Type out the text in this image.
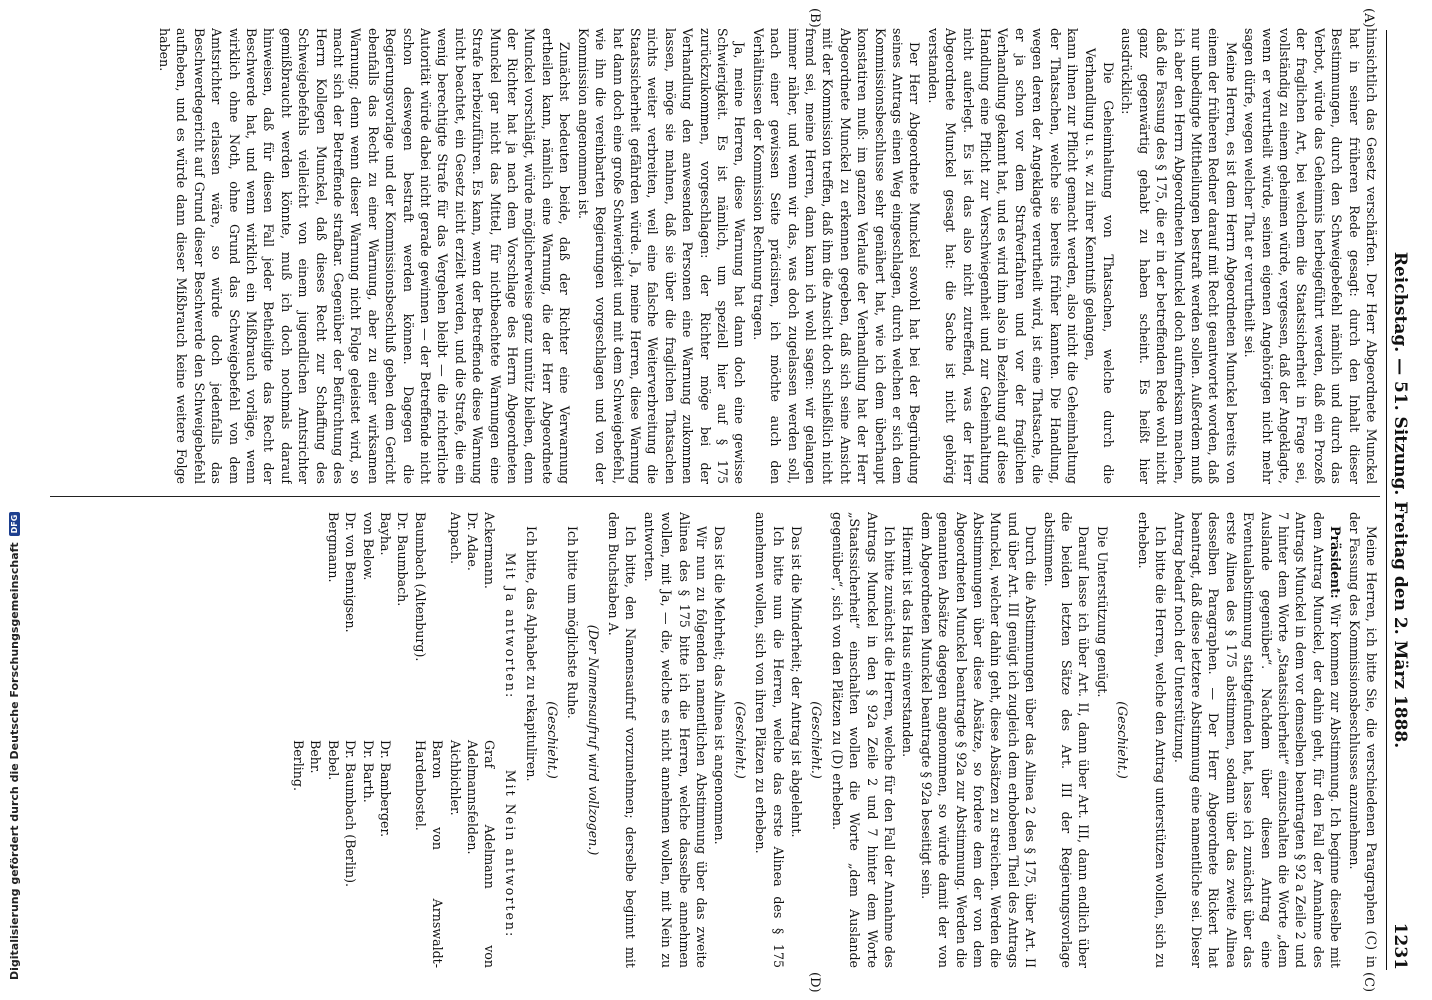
Reichstag. — 51. Sitzung. Freitag den 2. März 1888.
1231
(A)
(B)
(C)
(D)

hinsichtlich das Gesetz verschärfen. Der Herr Abgeordnete Munckel hat in seiner früheren Rede gesagt: durch den Inhalt dieser Bestimmungen, durch den Schweigebefehl nämlich und durch das Verbot, würde das Geheimnis herbeigeführt werden, daß ein Prozeß der fraglichen Art, bei welchem die Staatssicherheit in Frage sei, vollständig zu einem geheimen würde, vergessen, daß der Angeklagte, wenn er verurtheilt würde, seinen eigenen Angehörigen nicht mehr sagen dürfe, wegen welcher That er verurtheilt sei.

Meine Herren, es ist dem Herrn Abgeordneten Munckel bereits von einem der früheren Redner darauf mit Recht geantwortet worden, daß nur unbedingte Mittheilungen bestraft werden sollen. Außerdem muß ich aber den Herrn Abgeordneten Munckel doch aufmerksam machen, daß die Fassung des § 175, die er in der betreffenden Rede wohl nicht ganz gegenwärtig gehabt zu haben scheint. Es heißt hier ausdrücklich:

Die Geheimhaltung von Thatsachen, welche durch die Verhandlung u. s. w. zu ihrer Kenntniß gelangen,

kann ihnen zur Pflicht gemacht werden, also nicht die Geheimhaltung der Thatsachen, welche sie bereits früher kannten. Die Handlung, wegen deren der Angeklagte verurtheilt wird, ist eine Thatsache, die er ja schon vor dem Strafverfahren und vor der fraglichen Verhandlung gekannt hat, und es wird ihm also in Beziehung auf diese Handlung eine Pflicht zur Verschwiegenheit und zur Geheimhaltung nicht auferlegt. Es ist das also nicht zutreffend, was der Herr Abgeordnete Munckel gesagt hat: die Sache ist nicht gehörig verstanden.

Der Herr Abgeordnete Munckel sowohl hat bei der Begründung seines Antrags einen Weg eingeschlagen, durch welchen er sich dem Kommissionsbeschlusse sehr genähert hat, wie ich dem überhaupt konstatiren muß: im ganzen Verlaufe der Verhandlung hat der Herr Abgeordnete Munckel zu erkennen gegeben, daß sich seine Ansicht mit der Kommission treffen, daß ihm die Ansicht doch schließlich nicht fremd sei, meine Herren, dann kann ich wohl sagen: wir gelangen immer näher, und wenn wir das, was doch zugelassen werden soll, nach einer gewissen Seite präcisiren, ich möchte auch den Verhältnissen der Kommission Rechnung tragen.

Ja, meine Herren, diese Warnung hat dann doch eine gewisse Schwierigkeit. Es ist nämlich, um speziell hier auf § 175 zurückzukommen, vorgeschlagen: der Richter möge bei der Verhandlung den anwesenden Personen eine Warnung zukommen lassen, möge sie mahnen, daß sie über die fraglichen Thatsachen nichts weiter verbreiten, weil eine falsche Weiterverbreitung die Staatssicherheit gefährden würde. Ja, meine Herren, diese Warnung hat dann doch eine große Schwierigkeit und mit dem Schweigebefehl, wie ihn die vereinbarten Regierungen vorgeschlagen und von der Kommission angenommen ist.

Zunächst bedeuten beide, daß der Richter eine Verwarnung ertheilen kann, nämlich eine Warnung, die der Herr Abgeordnete Munckel vorschlägt, würde möglicherweise ganz unnütz bleiben, denn der Richter hat ja nach dem Vorschlage des Herrn Abgeordneten Munckel gar nicht das Mittel, für nichtbeachtete Warnungen eine Strafe herbeizuführen. Es kann, wenn der Betreffende diese Warnung nicht beachtet, ein Gesetz nicht erzielt werden, und die Strafe, die ein wenig berechtigte Strafe für das Vergehen bleibt — die richterliche Autorität würde dabei nicht gerade gewinnen — der Betreffende nicht schon deswegen bestraft werden können. Dagegen die Regierungsvorlage und der Kommissionsbeschluß geben dem Gericht ebenfalls das Recht zu einer Warnung, aber zu einer wirksamen Warnung; denn wenn dieser Warnung nicht Folge geleistet wird, so macht sich der Betreffende strafbar. Gegenüber der Befürchtung des Herrn Kollegen Munckel, daß dieses Recht zur Schaffung des Schweigebefehls vielleicht von einem jugendlichen Amtsrichter gemißbraucht werden könnte, muß ich doch nochmals darauf hinweisen, daß für diesen Fall jeder Betheiligte das Recht der Beschwerde hat, und wenn wirklich ein Mißbrauch vorläge, wenn wirklich ohne Noth, ohne Grund das Schweigebefehl von dem Amtsrichter erlassen wäre, so würde doch jedenfalls das Beschwerdegericht auf Grund dieser Beschwerde den Schweigebefehl aufheben, und es würde dann dieser Mißbrauch keine weitere Folge haben.

Meine Herren, ich bitte Sie, die verschiedenen Paragraphen (C) in der Fassung des Kommissionsbeschlusses anzunehmen.

Präsident: Wir kommen zur Abstimmung. Ich beginne dieselbe mit dem Antrag Munckel, der dahin geht, für den Fall der Annahme des Antrags Munckel in dem vor demselben beantragten § 92 a Zeile 2 und 7 hinter dem Worte „Staatssicherheit“ einzuschalten die Worte „dem Auslande gegenüber“. Nachdem über diesen Antrag eine Eventualabstimmung stattgefunden hat, lasse ich zunächst über das erste Alinea des § 175 abstimmen, sodann über das zweite Alinea desselben Paragraphen. — Der Herr Abgeordnete Rickert hat beantragt, daß diese letztere Abstimmung eine namentliche sei. Dieser Antrag bedarf noch der Unterstützung.

Ich bitte die Herren, welche den Antrag unterstützen wollen, sich zu erheben.

(Geschieht.)

Die Unterstützung genügt.

Darauf lasse ich über Art. II, dann über Art. III, dann endlich über die beiden letzten Sätze des Art. III der Regierungsvorlage abstimmen.

Durch die Abstimmungen über das Alinea 2 des § 175, über Art. II und über Art. III genügt ich zugleich dem erhobenen Theil des Antrags Munckel, welcher dahin geht, diese Absätzen zu streichen. Werden die Abstimmungen über diese Absätze, so fordere dem der von dem Abgeordneten Munckel beantragte § 92a zur Abstimmung. Werden die genannten Absätze dagegen angenommen, so würde damit der von dem Abgeordneten Munckel beantragte § 92a beseitigt sein.

Hiermit ist das Haus einverstanden.

Ich bitte zunächst die Herren, welche für den Fall der Annahme des Antrags Munckel in den § 92a Zeile 2 und 7 hinter dem Worte „Staatssicherheit“ einschalten wollen die Worte „dem Auslande gegenüber“, sich von den Plätzen zu (D) erheben.

(Geschieht.)

Das ist die Minderheit; der Antrag ist abgelehnt.

Ich bitte nun die Herren, welche das erste Alinea des § 175 annehmen wollen, sich von ihren Plätzen zu erheben.

(Geschieht.)

Das ist die Mehrheit; das Alinea ist angenommen.

Wir nun zu folgenden namentlichen Abstimmung über das zweite Alinea des § 175 bitte ich die Herren, welche dasselbe annehmen wollen, mit Ja, — die, welche es nicht annehmen wollen, mit Nein zu antworten.

Ich bitte, den Namensaufruf vorzunehmen; derselbe beginnt mit dem Buchstaben A.

(Der Namensaufruf wird vollzogen.)

Ich bitte um möglichste Ruhe.

(Geschieht.)

Ich bitte, das Alphabet zu rekapituliren.

Mit Ja antworten:
Ackermann.
Dr. Adae.
Anpach.

Baumbach (Altenburg).
Dr. Baumbach.
Bayha.
von Below.
Dr. von Bennigsen.
Bergmann.
Mit Nein antworten:
Graf Adelmann von Adelmannsfelden.
Aichbichler.
Baron von Arnswaldt-Hardenbostel.

Dr. Bamberger.
Dr. Barth.
Dr. Baumbach (Berlin).
Bebel.
Behr.
Berling.
Digitalisierung gefördert durch die Deutsche Forschungsgemeinschaft
DFG
